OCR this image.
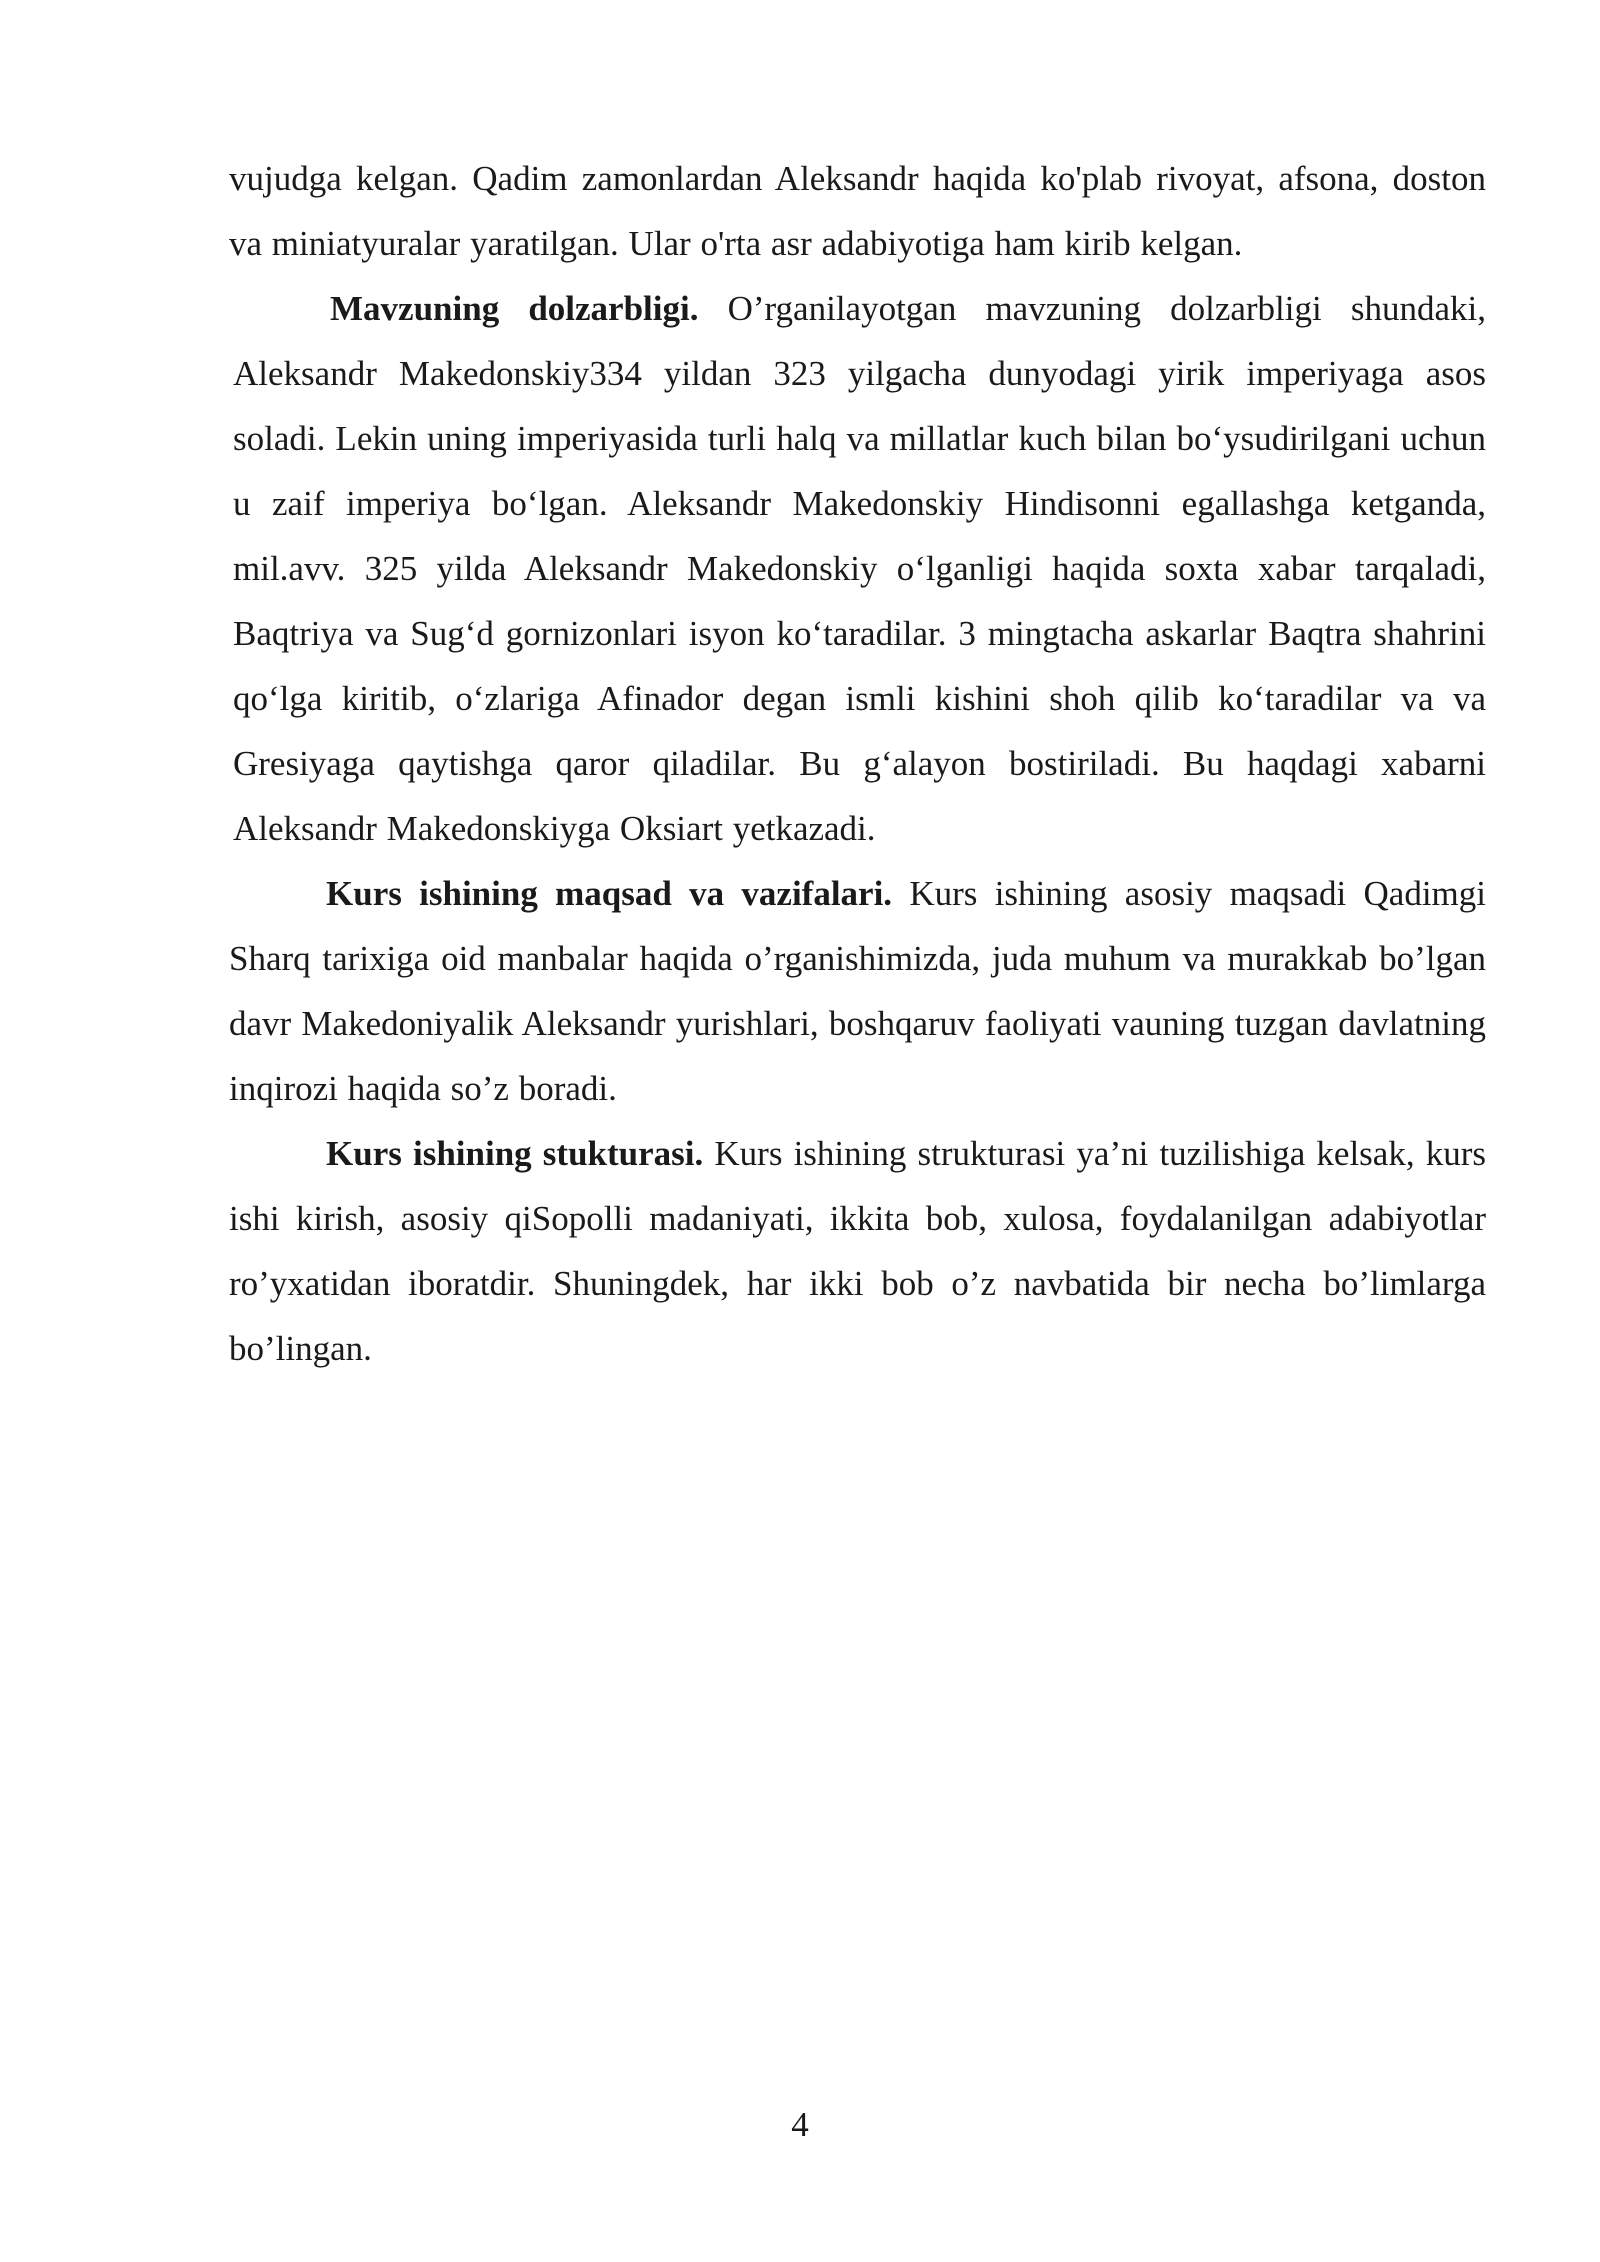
vujudga kelgan. Qadim zamonlardan Aleksandr haqida ko'plab rivoyat, afsona, doston va miniatyuralar yaratilgan. Ular o'rta asr adabiyotiga ham kirib kelgan.

Mavzuning dolzarbligi. O’rganilayotgan mavzuning dolzarbligi shundaki, Aleksandr Makedonskiy334 yildan 323 yilgacha dunyodagi yirik imperiyaga asos soladi. Lekin uning imperiyasida turli halq va millatlar kuch bilan bo‘ysudirilgani uchun u zaif imperiya bo‘lgan. Aleksandr Makedonskiy Hindisonni egallashga ketganda, mil.avv. 325 yilda Aleksandr Makedonskiy o‘lganligi haqida soxta xabar tarqaladi, Baqtriya va Sug‘d gornizonlari isyon ko‘taradilar. 3 mingtacha askarlar Baqtra shahrini qo‘lga kiritib, o‘zlariga Afinador degan ismli kishini shoh qilib ko‘taradilar va va Gresiyaga qaytishga qaror qiladilar. Bu g‘alayon bostiriladi. Bu haqdagi xabarni Aleksandr Makedonskiyga Oksiart yetkazadi.

Kurs ishining maqsad va vazifalari. Kurs ishining asosiy maqsadi Qadimgi Sharq tarixiga oid manbalar haqida o’rganishimizda, juda muhum va murakkab bo’lgan davr Makedoniyalik Aleksandr yurishlari, boshqaruv faoliyati vauning tuzgan davlatning inqirozi haqida so’z boradi.

Kurs ishining stukturasi. Kurs ishining strukturasi ya’ni tuzilishiga kelsak, kurs ishi kirish, asosiy qiSopolli madaniyati, ikkita bob, xulosa, foydalanilgan adabiyotlar ro’yxatidan iboratdir. Shuningdek, har ikki bob o’z navbatida bir necha bo’limlarga bo’lingan.

4
